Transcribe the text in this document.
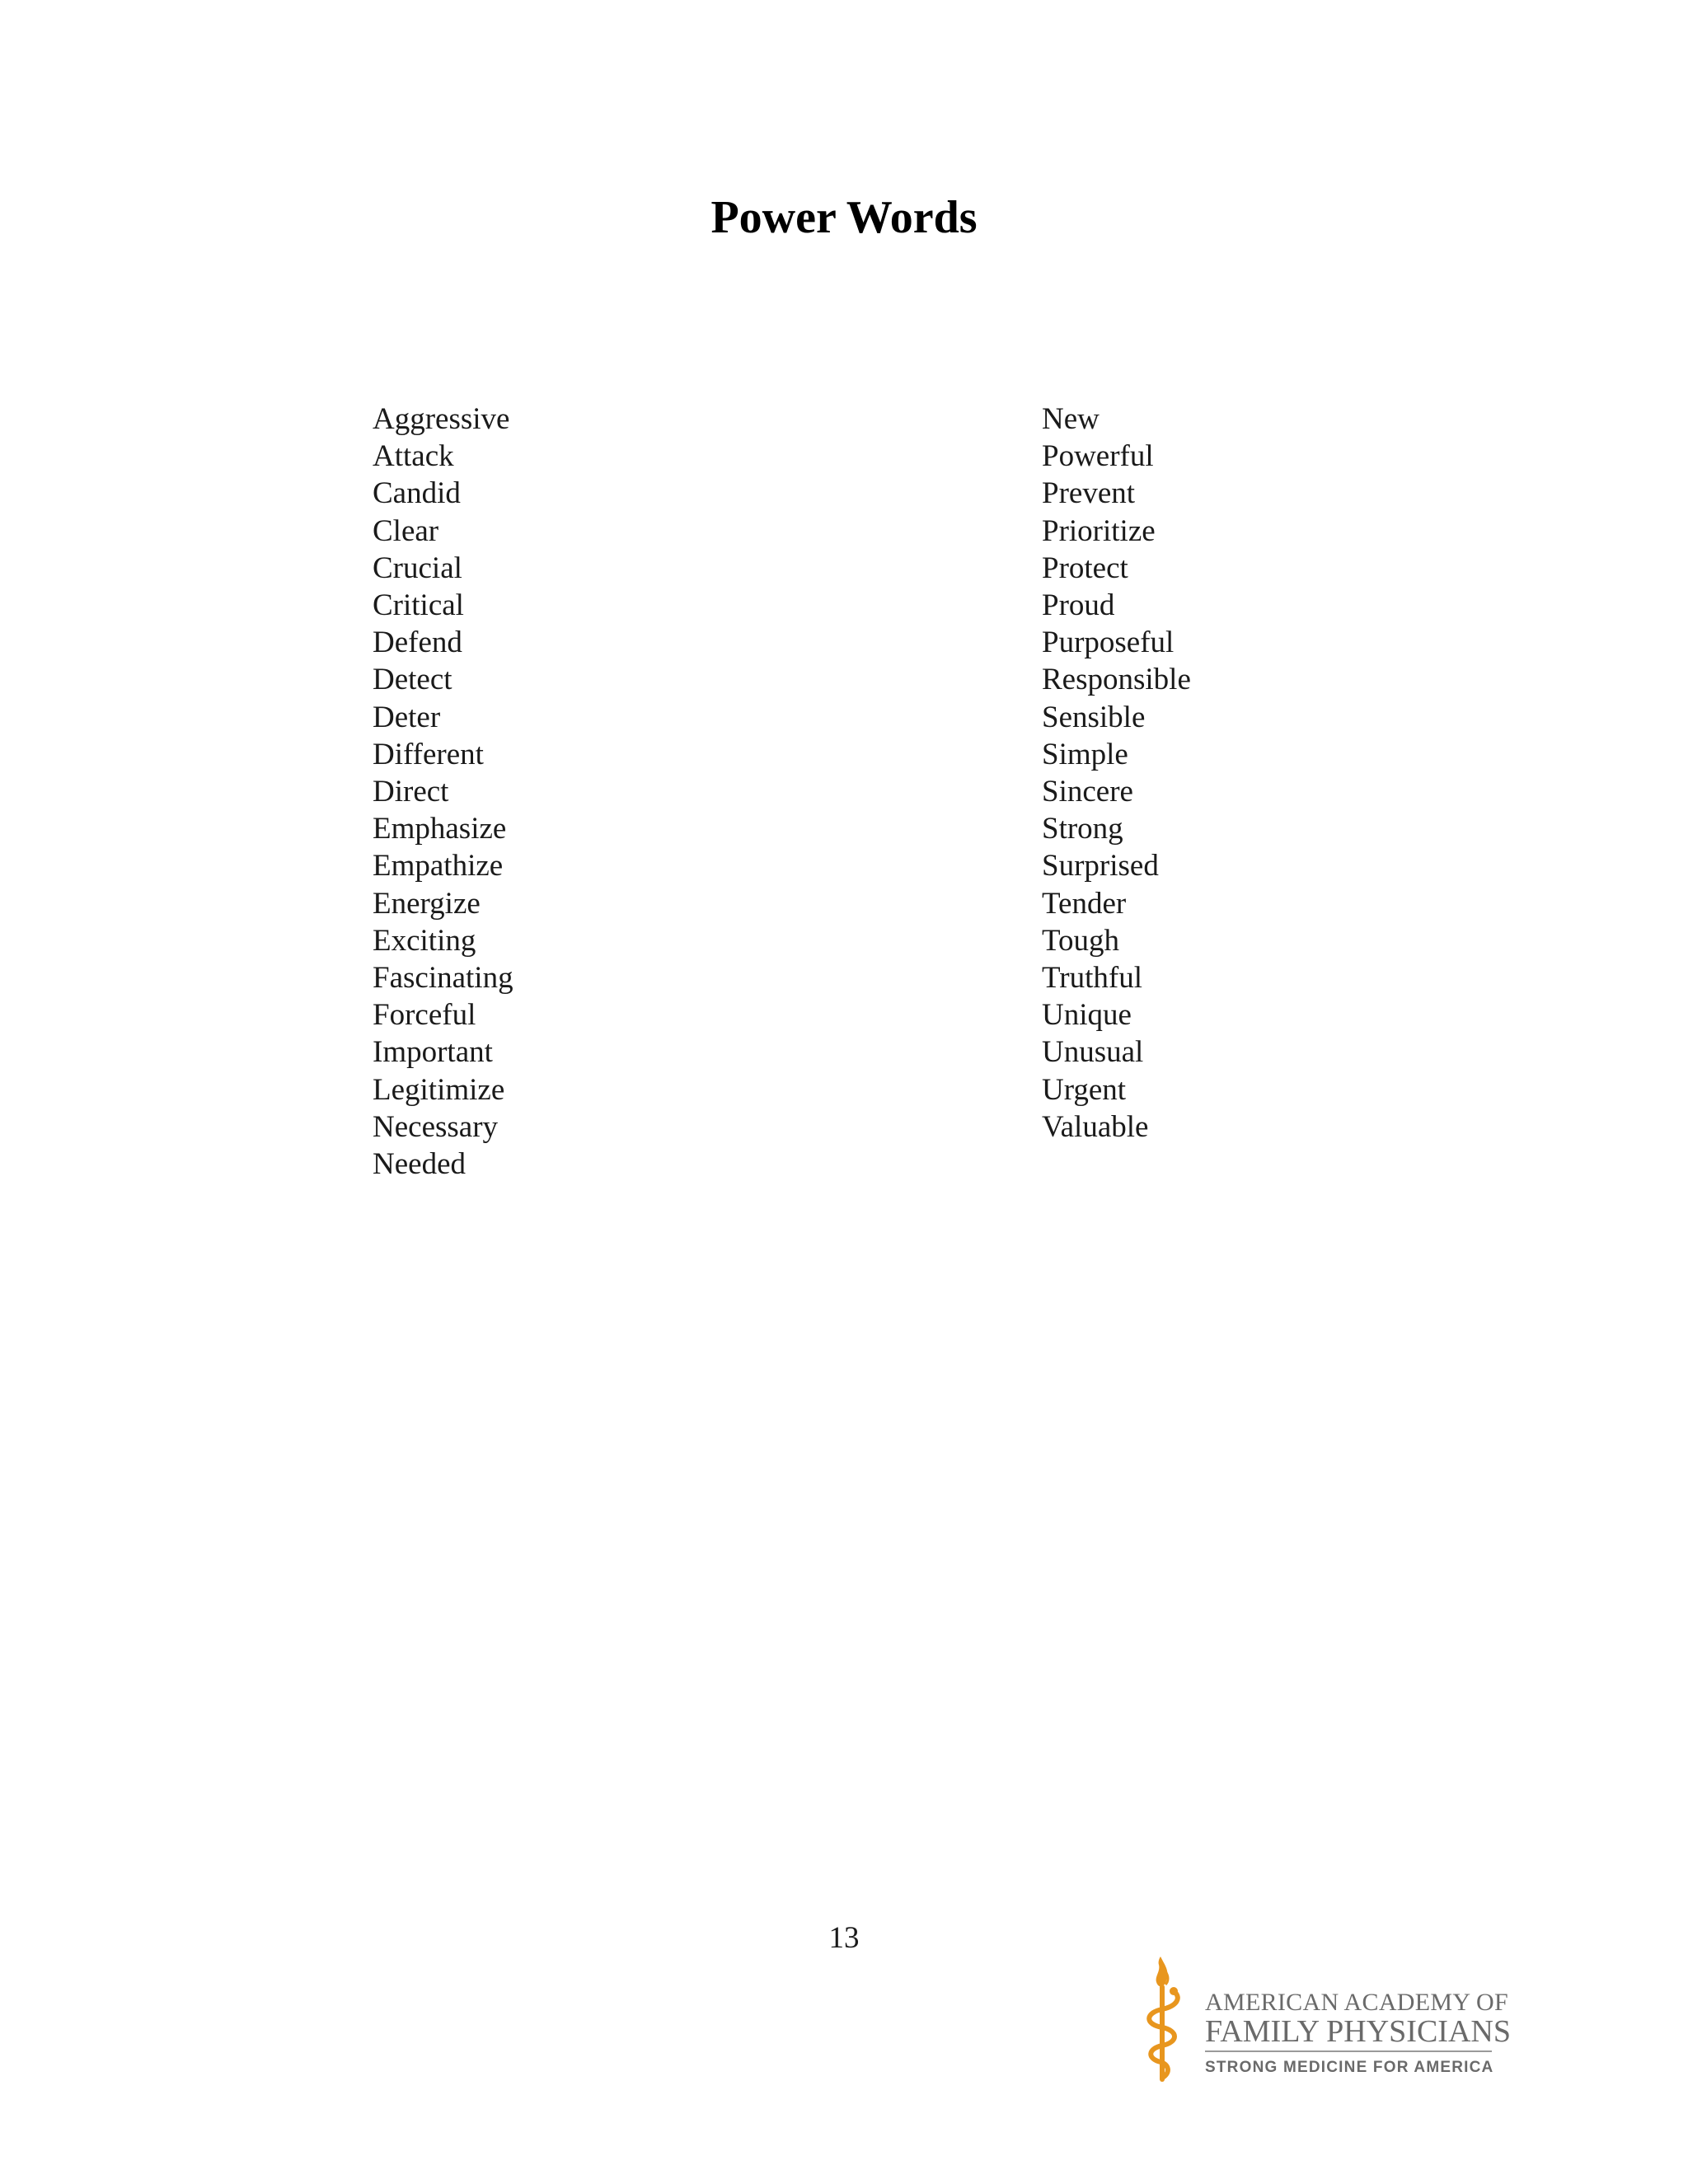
Power Words
Aggressive
Attack
Candid
Clear
Crucial
Critical
Defend
Detect
Deter
Different
Direct
Emphasize
Empathize
Energize
Exciting
Fascinating
Forceful
Important
Legitimize
Necessary
Needed
New
Powerful
Prevent
Prioritize
Protect
Proud
Purposeful
Responsible
Sensible
Simple
Sincere
Strong
Surprised
Tender
Tough
Truthful
Unique
Unusual
Urgent
Valuable
13
AMERICAN ACADEMY OF
FAMILY PHYSICIANS
STRONG MEDICINE FOR AMERICA
